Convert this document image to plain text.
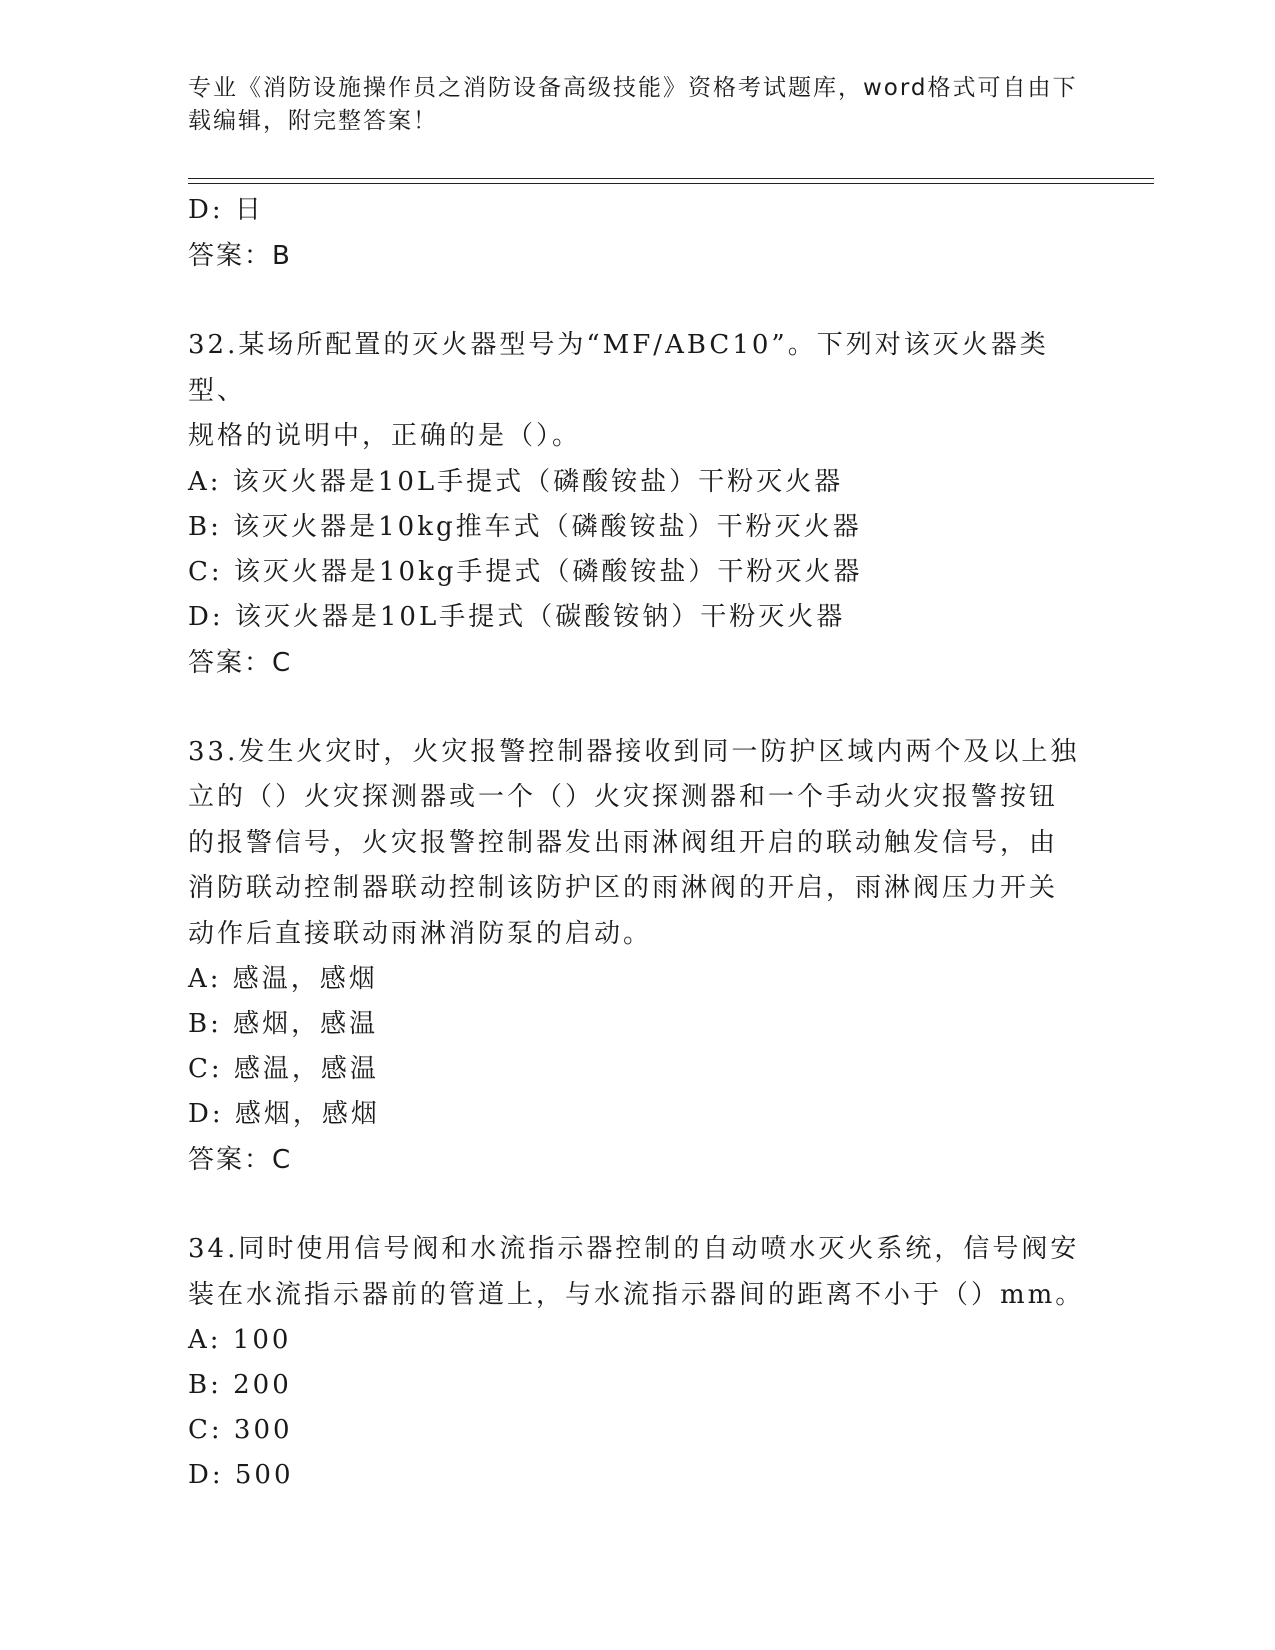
专业《消防设施操作员之消防设备高级技能》资格考试题库，word格式可自由下
载编辑，附完整答案！
D: 日
答案：B
32.某场所配置的灭火器型号为“MF/ABC10”。下列对该灭火器类型、
规格的说明中，正确的是（）。
A: 该灭火器是10L手提式（磷酸铵盐）干粉灭火器
B: 该灭火器是10kg推车式（磷酸铵盐）干粉灭火器
C: 该灭火器是10kg手提式（磷酸铵盐）干粉灭火器
D: 该灭火器是10L手提式（碳酸铵钠）干粉灭火器
答案：C
33.发生火灾时，火灾报警控制器接收到同一防护区域内两个及以上独
立的（）火灾探测器或一个（）火灾探测器和一个手动火灾报警按钮
的报警信号，火灾报警控制器发出雨淋阀组开启的联动触发信号，由
消防联动控制器联动控制该防护区的雨淋阀的开启，雨淋阀压力开关
动作后直接联动雨淋消防泵的启动。
A: 感温，感烟
B: 感烟，感温
C: 感温，感温
D: 感烟，感烟
答案：C
34.同时使用信号阀和水流指示器控制的自动喷水灭火系统，信号阀安
装在水流指示器前的管道上，与水流指示器间的距离不小于（）mm。
A: 100
B: 200
C: 300
D: 500
